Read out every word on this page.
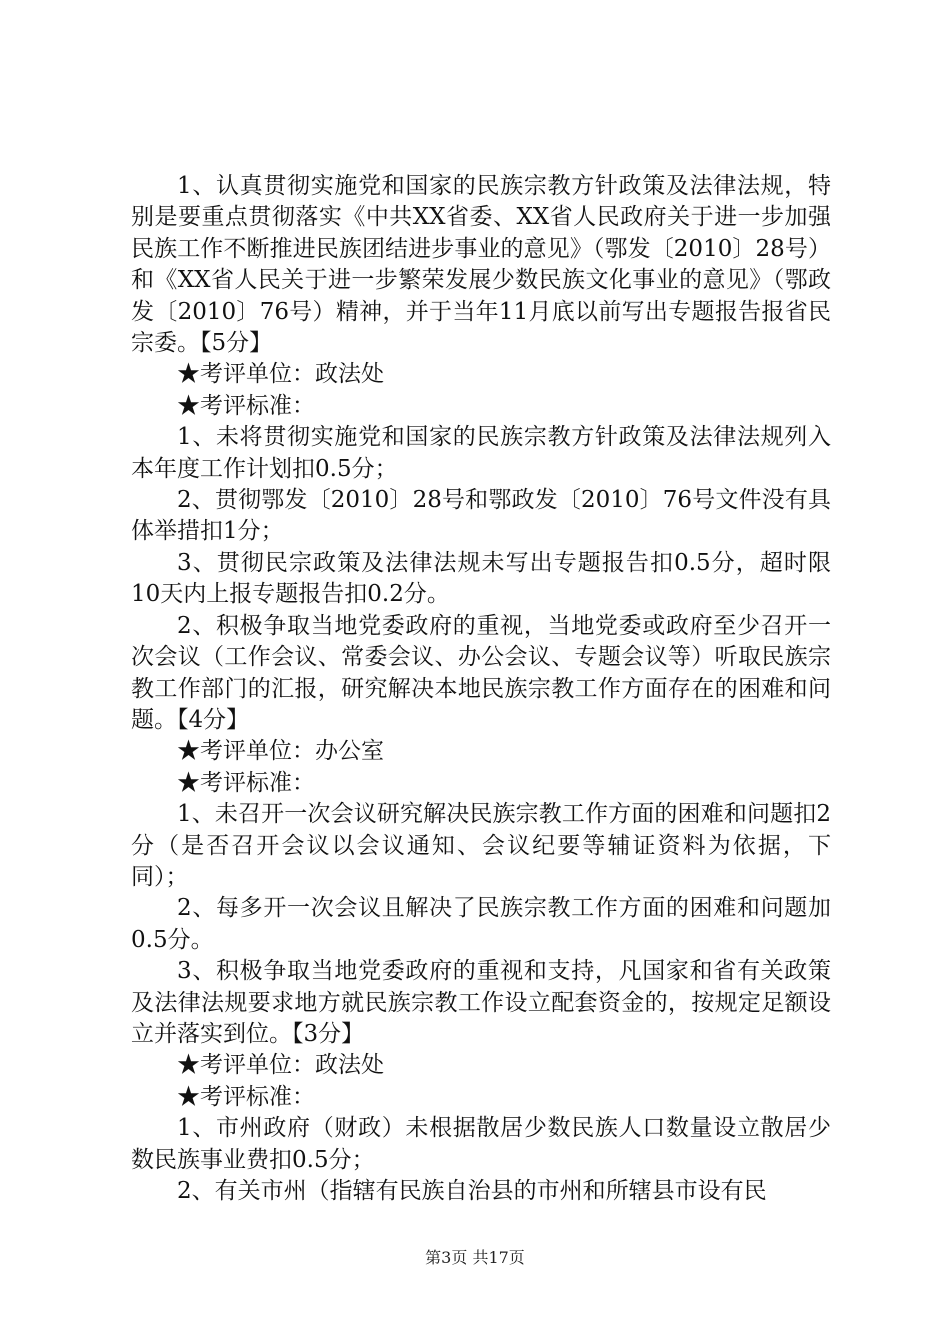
1、认真贯彻实施党和国家的民族宗教方针政策及法律法规，特别是要重点贯彻落实《中共XX省委、XX省人民政府关于进一步加强民族工作不断推进民族团结进步事业的意见》（鄂发〔2010〕28号）和《XX省人民关于进一步繁荣发展少数民族文化事业的意见》（鄂政发〔2010〕76号）精神，并于当年11月底以前写出专题报告报省民宗委。【5分】

★考评单位：政法处

★考评标准：

1、未将贯彻实施党和国家的民族宗教方针政策及法律法规列入本年度工作计划扣0.5分；

2、贯彻鄂发〔2010〕28号和鄂政发〔2010〕76号文件没有具体举措扣1分；

3、贯彻民宗政策及法律法规未写出专题报告扣0.5分，超时限10天内上报专题报告扣0.2分。

2、积极争取当地党委政府的重视，当地党委或政府至少召开一次会议（工作会议、常委会议、办公会议、专题会议等）听取民族宗教工作部门的汇报，研究解决本地民族宗教工作方面存在的困难和问题。【4分】

★考评单位：办公室

★考评标准：

1、未召开一次会议研究解决民族宗教工作方面的困难和问题扣2分（是否召开会议以会议通知、会议纪要等辅证资料为依据，下同）；

2、每多开一次会议且解决了民族宗教工作方面的困难和问题加0.5分。

3、积极争取当地党委政府的重视和支持，凡国家和省有关政策及法律法规要求地方就民族宗教工作设立配套资金的，按规定足额设立并落实到位。【3分】

★考评单位：政法处

★考评标准：

1、市州政府（财政）未根据散居少数民族人口数量设立散居少数民族事业费扣0.5分；

2、有关市州（指辖有民族自治县的市州和所辖县市设有民

第3页 共17页
